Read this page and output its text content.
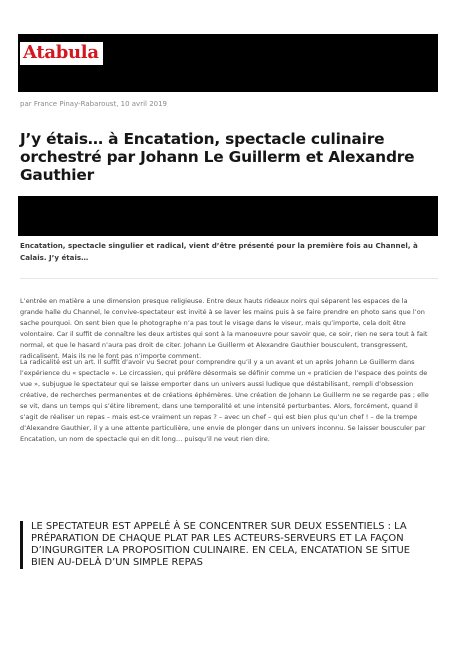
Atabula
par France Pinay-Rabaroust, 10 avril 2019
J’y étais… à Encatation, spectacle culinaire orchestré par Johann Le Guillerm et Alexandre Gauthier

Encatation, spectacle singulier et radical, vient d’être présenté pour la première fois au Channel, à Calais. J’y étais…

L’entrée en matière a une dimension presque religieuse. Entre deux hauts rideaux noirs qui séparent les espaces de la grande halle du Channel, le convive-spectateur est invité à se laver les mains puis à se faire prendre en photo sans que l’on sache pourquoi. On sent bien que le photographe n’a pas tout le visage dans le viseur, mais qu’importe, cela doit être volontaire. Car il suffit de connaître les deux artistes qui sont à la manoeuvre pour savoir que, ce soir, rien ne sera tout à fait normal, et que le hasard n’aura pas droit de citer. Johann Le Guillerm et Alexandre Gauthier bousculent, transgressent, radicalisent. Mais ils ne le font pas n’importe comment.

La radicalité est un art. Il suffit d’avoir vu Secret pour comprendre qu’il y a un avant et un après Johann Le Guillerm dans l’expérience du « spectacle ». Le circassien, qui préfère désormais se définir comme un « praticien de l’espace des points de vue », subjugue le spectateur qui se laisse emporter dans un univers aussi ludique que déstabilisant, rempli d’obsession créative, de recherches permanentes et de créations éphémères. Une création de Johann Le Guillerm ne se regarde pas ; elle se vit, dans un temps qui s’étire librement, dans une temporalité et une intensité perturbantes. Alors, forcément, quand il s’agit de réaliser un repas – mais est-ce vraiment un repas ? – avec un chef – qui est bien plus qu’un chef ! – de la trempe d’Alexandre Gauthier, il y a une attente particulière, une envie de plonger dans un univers inconnu. Se laisser bousculer par Encatation, un nom de spectacle qui en dit long… puisqu’il ne veut rien dire.

LE SPECTATEUR EST APPELÉ À SE CONCENTRER SUR DEUX ESSENTIELS : LA
PRÉPARATION DE CHAQUE PLAT PAR LES ACTEURS-SERVEURS ET LA FAÇON
D’INGURGITER LA PROPOSITION CULINAIRE. EN CELA, ENCATATION SE SITUE
BIEN AU-DELÀ D’UN SIMPLE REPAS
